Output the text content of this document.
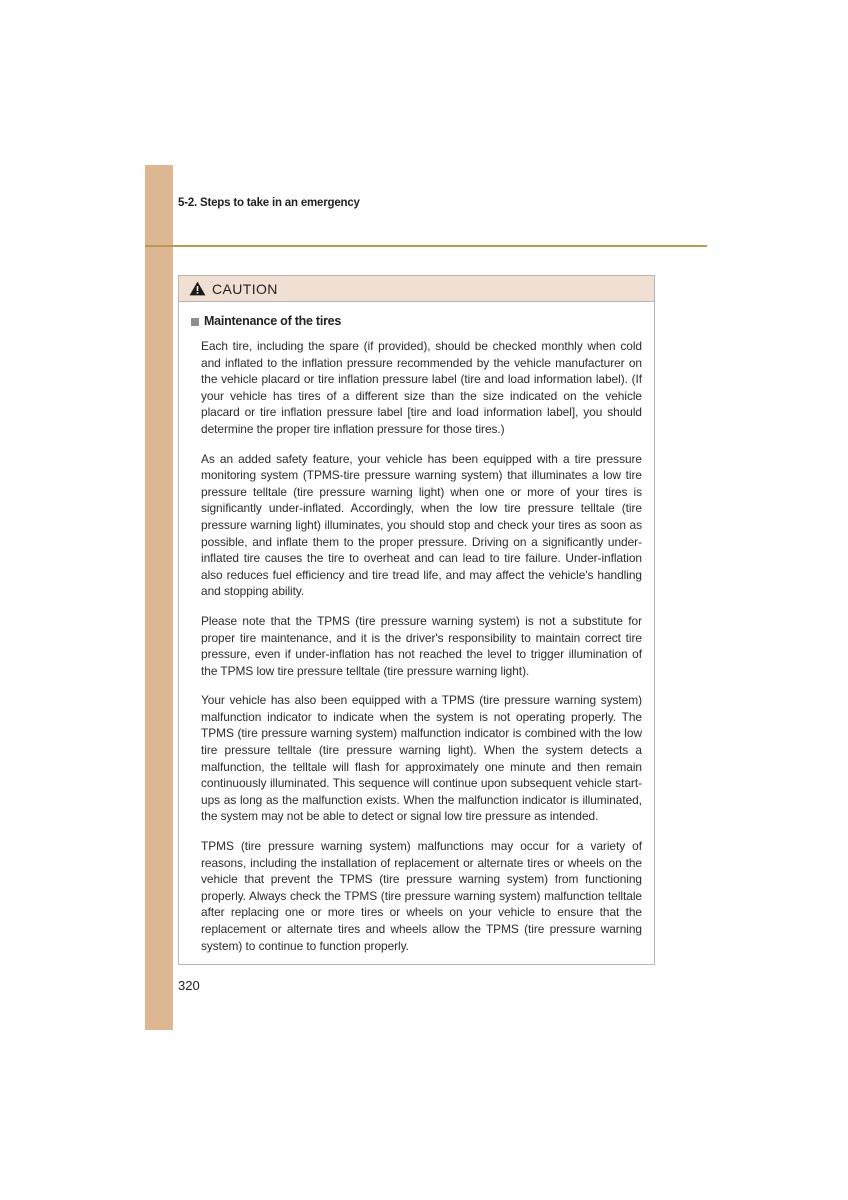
5-2. Steps to take in an emergency
CAUTION
Maintenance of the tires

Each tire, including the spare (if provided), should be checked monthly when cold and inflated to the inflation pressure recommended by the vehicle manufacturer on the vehicle placard or tire inflation pressure label (tire and load information label). (If your vehicle has tires of a different size than the size indicated on the vehicle placard or tire inflation pressure label [tire and load information label], you should determine the proper tire inflation pressure for those tires.)

As an added safety feature, your vehicle has been equipped with a tire pressure monitoring system (TPMS-tire pressure warning system) that illuminates a low tire pressure telltale (tire pressure warning light) when one or more of your tires is significantly under-inflated. Accordingly, when the low tire pressure telltale (tire pressure warning light) illuminates, you should stop and check your tires as soon as possible, and inflate them to the proper pressure. Driving on a significantly under-inflated tire causes the tire to overheat and can lead to tire failure. Under-inflation also reduces fuel efficiency and tire tread life, and may affect the vehicle's handling and stopping ability.

Please note that the TPMS (tire pressure warning system) is not a substitute for proper tire maintenance, and it is the driver's responsibility to maintain correct tire pressure, even if under-inflation has not reached the level to trigger illumination of the TPMS low tire pressure telltale (tire pressure warning light).

Your vehicle has also been equipped with a TPMS (tire pressure warning system) malfunction indicator to indicate when the system is not operating properly. The TPMS (tire pressure warning system) malfunction indicator is combined with the low tire pressure telltale (tire pressure warning light). When the system detects a malfunction, the telltale will flash for approximately one minute and then remain continuously illuminated. This sequence will continue upon subsequent vehicle start-ups as long as the malfunction exists. When the malfunction indicator is illuminated, the system may not be able to detect or signal low tire pressure as intended.

TPMS (tire pressure warning system) malfunctions may occur for a variety of reasons, including the installation of replacement or alternate tires or wheels on the vehicle that prevent the TPMS (tire pressure warning system) from functioning properly. Always check the TPMS (tire pressure warning system) malfunction telltale after replacing one or more tires or wheels on your vehicle to ensure that the replacement or alternate tires and wheels allow the TPMS (tire pressure warning system) to continue to function properly.

320
